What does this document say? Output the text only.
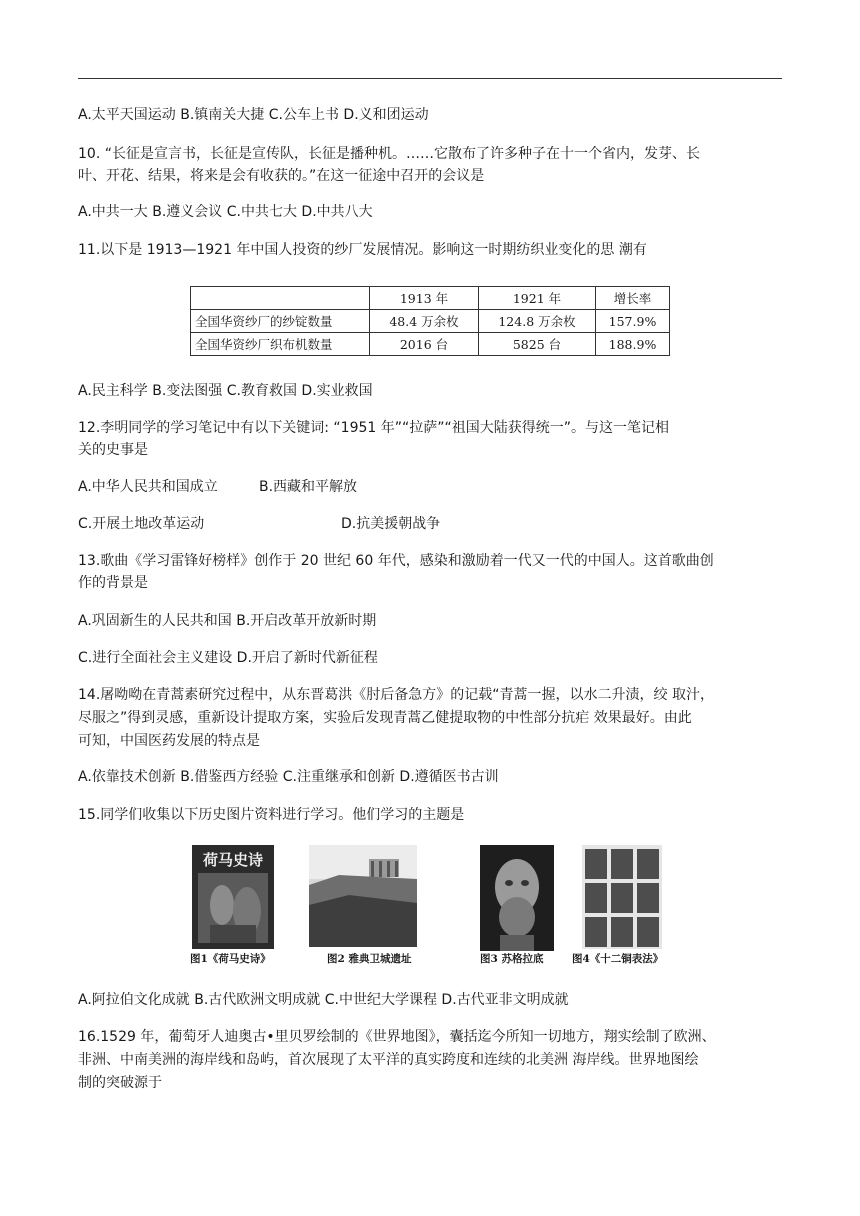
A.太平天国运动 B.镇南关大捷 C.公车上书 D.义和团运动
10. “长征是宣言书，长征是宣传队，长征是播种机。……它散布了许多种子在十一个省内，发芽、长
叶、开花、结果，将来是会有收获的。”在这一征途中召开的会议是
A.中共一大 B.遵义会议 C.中共七大 D.中共八大
11.以下是 1913—1921 年中国人投资的纱厂发展情况。影响这一时期纺织业变化的思 潮有
	1913 年	1921 年	增长率
全国华资纱厂的纱锭数量	48.4 万余枚	124.8 万余枚	157.9%
全国华资纱厂织布机数量	2016 台	5825 台	188.9%
A.民主科学 B.变法图强 C.教育救国 D.实业救国
12.李明同学的学习笔记中有以下关键词: “1951 年”“拉萨”“祖国大陆获得统一”。与这一笔记相
关的史事是
A.中华人民共和国成立	B.西藏和平解放
C.开展土地改革运动	D.抗美援朝战争
13.歌曲《学习雷锋好榜样》创作于 20 世纪 60 年代，感染和激励着一代又一代的中国人。这首歌曲创
作的背景是
A.巩固新生的人民共和国 B.开启改革开放新时期
C.进行全面社会主义建设 D.开启了新时代新征程
14.屠呦呦在青蒿素研究过程中，从东晋葛洪《肘后备急方》的记载“青蒿一握，以水二升渍，绞 取汁，
尽服之”得到灵感，重新设计提取方案，实验后发现青蒿乙健提取物的中性部分抗疟 效果最好。由此
可知，中国医药发展的特点是
A.依靠技术创新 B.借鉴西方经验 C.注重继承和创新 D.遵循医书古训
15.同学们收集以下历史图片资料进行学习。他们学习的主题是
荷马史诗
图1《荷马史诗》	图2 雅典卫城遗址	图3 苏格拉底	图4《十二铜表法》
A.阿拉伯文化成就 B.古代欧洲文明成就 C.中世纪大学课程 D.古代亚非文明成就
16.1529 年，葡萄牙人迪奥古•里贝罗绘制的《世界地图》，囊括迄今所知一切地方，翔实绘制了欧洲、
非洲、中南美洲的海岸线和岛屿，首次展现了太平洋的真实跨度和连续的北美洲 海岸线。世界地图绘
制的突破源于
